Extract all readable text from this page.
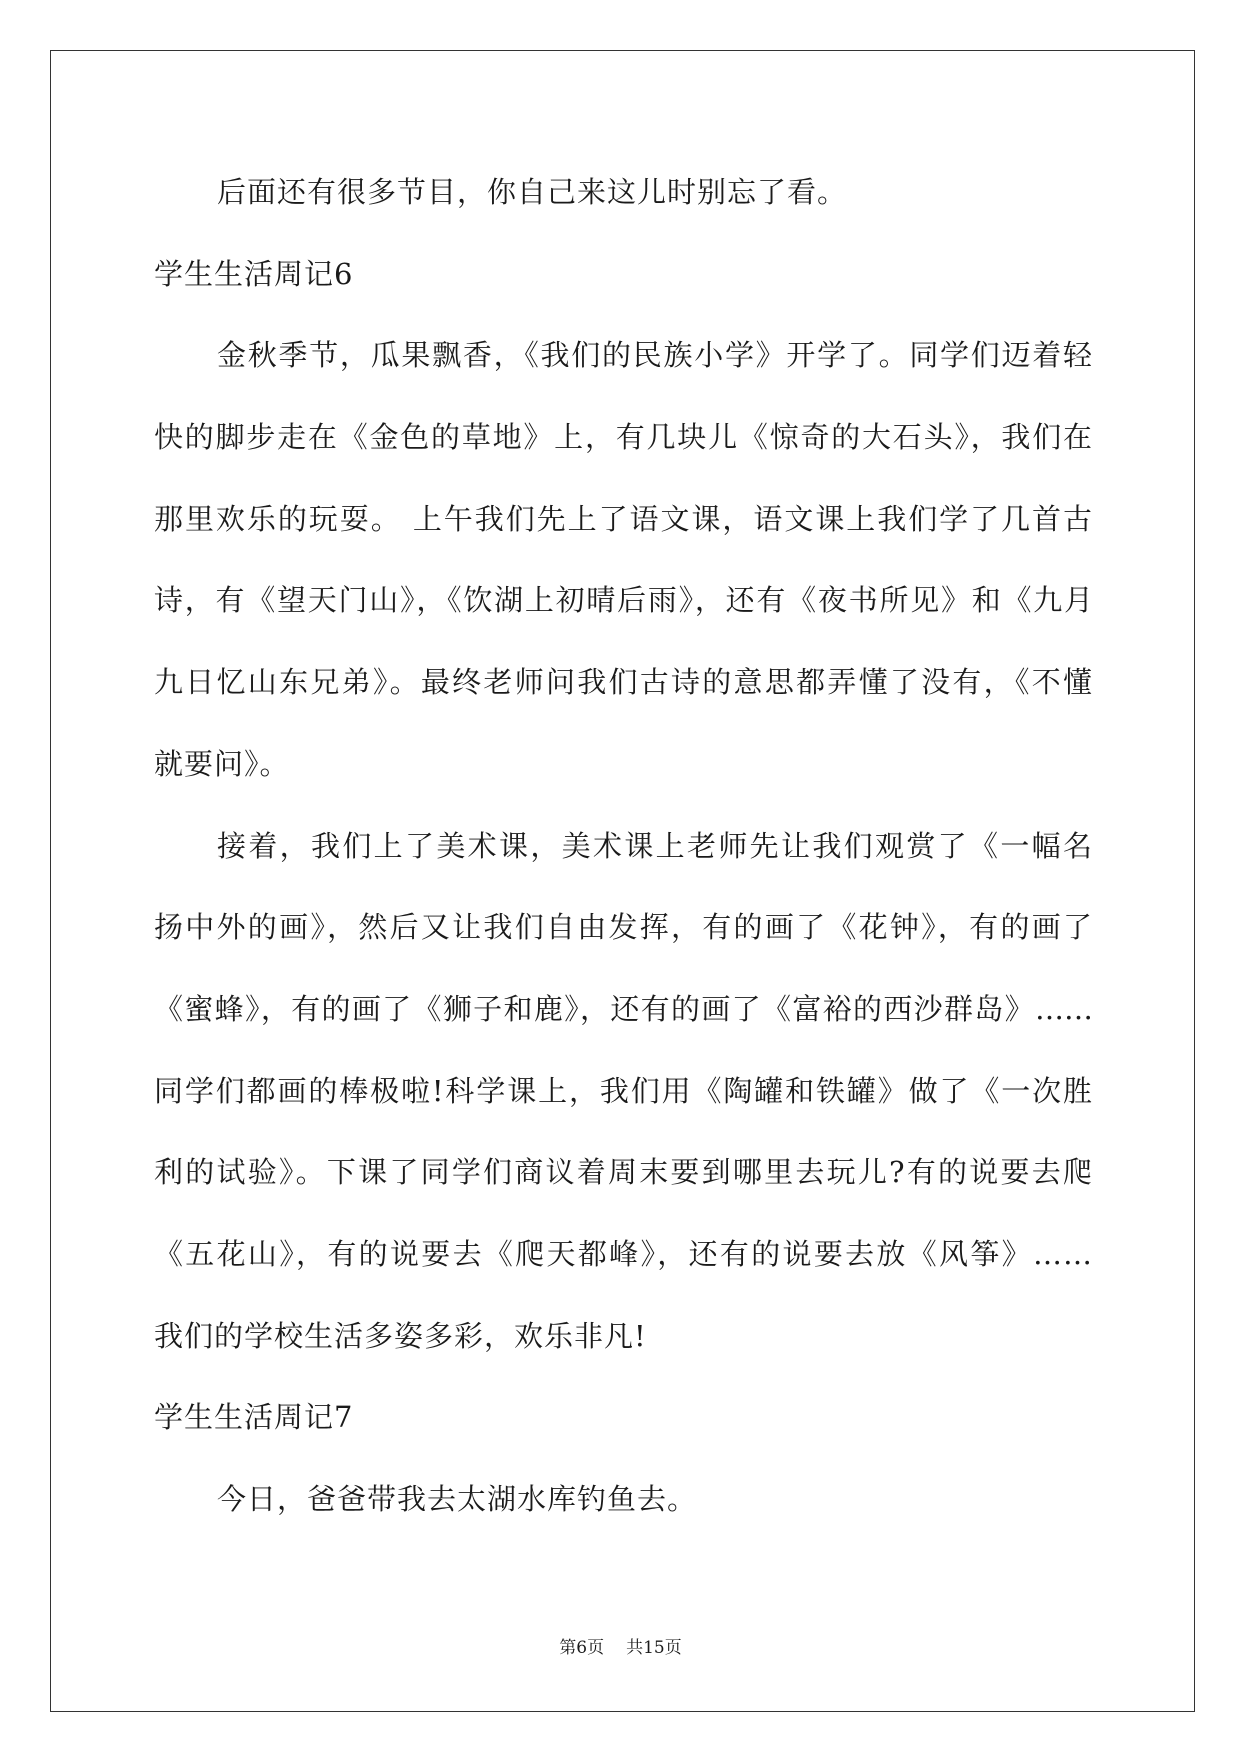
后面还有很多节目，你自己来这儿时别忘了看。
学生生活周记6
金秋季节，瓜果飘香，《我们的民族小学》开学了。同学们迈着轻
快的脚步走在《金色的草地》上，有几块儿《惊奇的大石头》，我们在
那里欢乐的玩耍。 上午我们先上了语文课，语文课上我们学了几首古
诗，有《望天门山》，《饮湖上初晴后雨》，还有《夜书所见》和《九月
九日忆山东兄弟》。最终老师问我们古诗的意思都弄懂了没有，《不懂
就要问》。
接着，我们上了美术课，美术课上老师先让我们观赏了《一幅名
扬中外的画》，然后又让我们自由发挥，有的画了《花钟》，有的画了
《蜜蜂》，有的画了《狮子和鹿》，还有的画了《富裕的西沙群岛》……
同学们都画的棒极啦!科学课上，我们用《陶罐和铁罐》做了《一次胜
利的试验》。下课了同学们商议着周末要到哪里去玩儿?有的说要去爬
《五花山》，有的说要去《爬天都峰》，还有的说要去放《风筝》……
我们的学校生活多姿多彩，欢乐非凡!
学生生活周记7
今日，爸爸带我去太湖水库钓鱼去。
第6页 共15页
